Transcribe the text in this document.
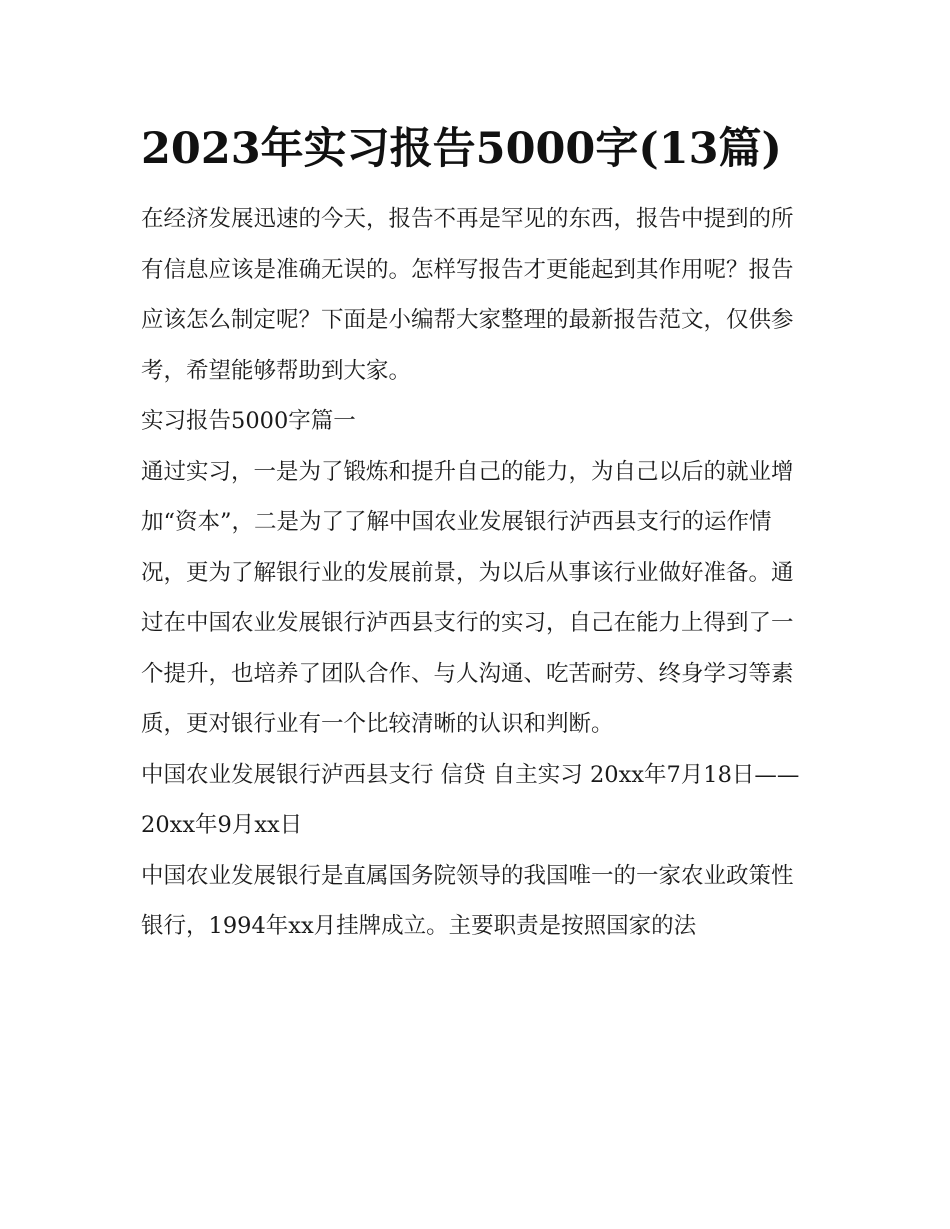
2023年实习报告5000字(13篇)

在经济发展迅速的今天，报告不再是罕见的东西，报告中提到的所有信息应该是准确无误的。怎样写报告才更能起到其作用呢？报告应该怎么制定呢？下面是小编帮大家整理的最新报告范文，仅供参考，希望能够帮助到大家。

实习报告5000字篇一

通过实习，一是为了锻炼和提升自己的能力，为自己以后的就业增加“资本”，二是为了了解中国农业发展银行泸西县支行的运作情况，更为了解银行业的发展前景，为以后从事该行业做好准备。通过在中国农业发展银行泸西县支行的实习，自己在能力上得到了一个提升，也培养了团队合作、与人沟通、吃苦耐劳、终身学习等素质，更对银行业有一个比较清晰的认识和判断。

中国农业发展银行泸西县支行 信贷 自主实习 20xx年7月18日——20xx年9月xx日

中国农业发展银行是直属国务院领导的我国唯一的一家农业政策性银行，1994年xx月挂牌成立。主要职责是按照国家的法
